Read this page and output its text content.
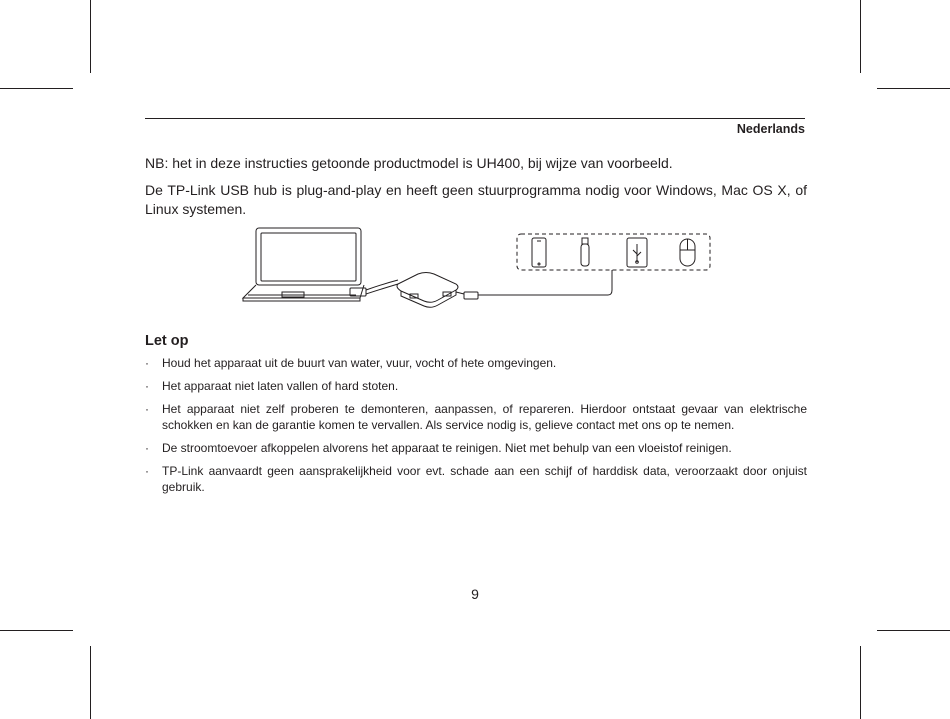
Nederlands

NB: het in deze instructies getoonde productmodel is UH400, bij wijze van voorbeeld.

De TP-Link USB hub is plug-and-play en heeft geen stuurprogramma nodig voor Windows, Mac OS X, of Linux systemen.

Let op
· Houd het apparaat uit de buurt van water, vuur, vocht of hete omgevingen.
· Het apparaat niet laten vallen of hard stoten.
· Het apparaat niet zelf proberen te demonteren, aanpassen, of repareren. Hierdoor ontstaat gevaar van elektrische schokken en kan de garantie komen te vervallen. Als service nodig is, gelieve contact met ons op te nemen.
· De stroomtoevoer afkoppelen alvorens het apparaat te reinigen. Niet met behulp van een vloeistof reinigen.
· TP-Link aanvaardt geen aansprakelijkheid voor evt. schade aan een schijf of harddisk data, veroorzaakt door onjuist gebruik.
9
